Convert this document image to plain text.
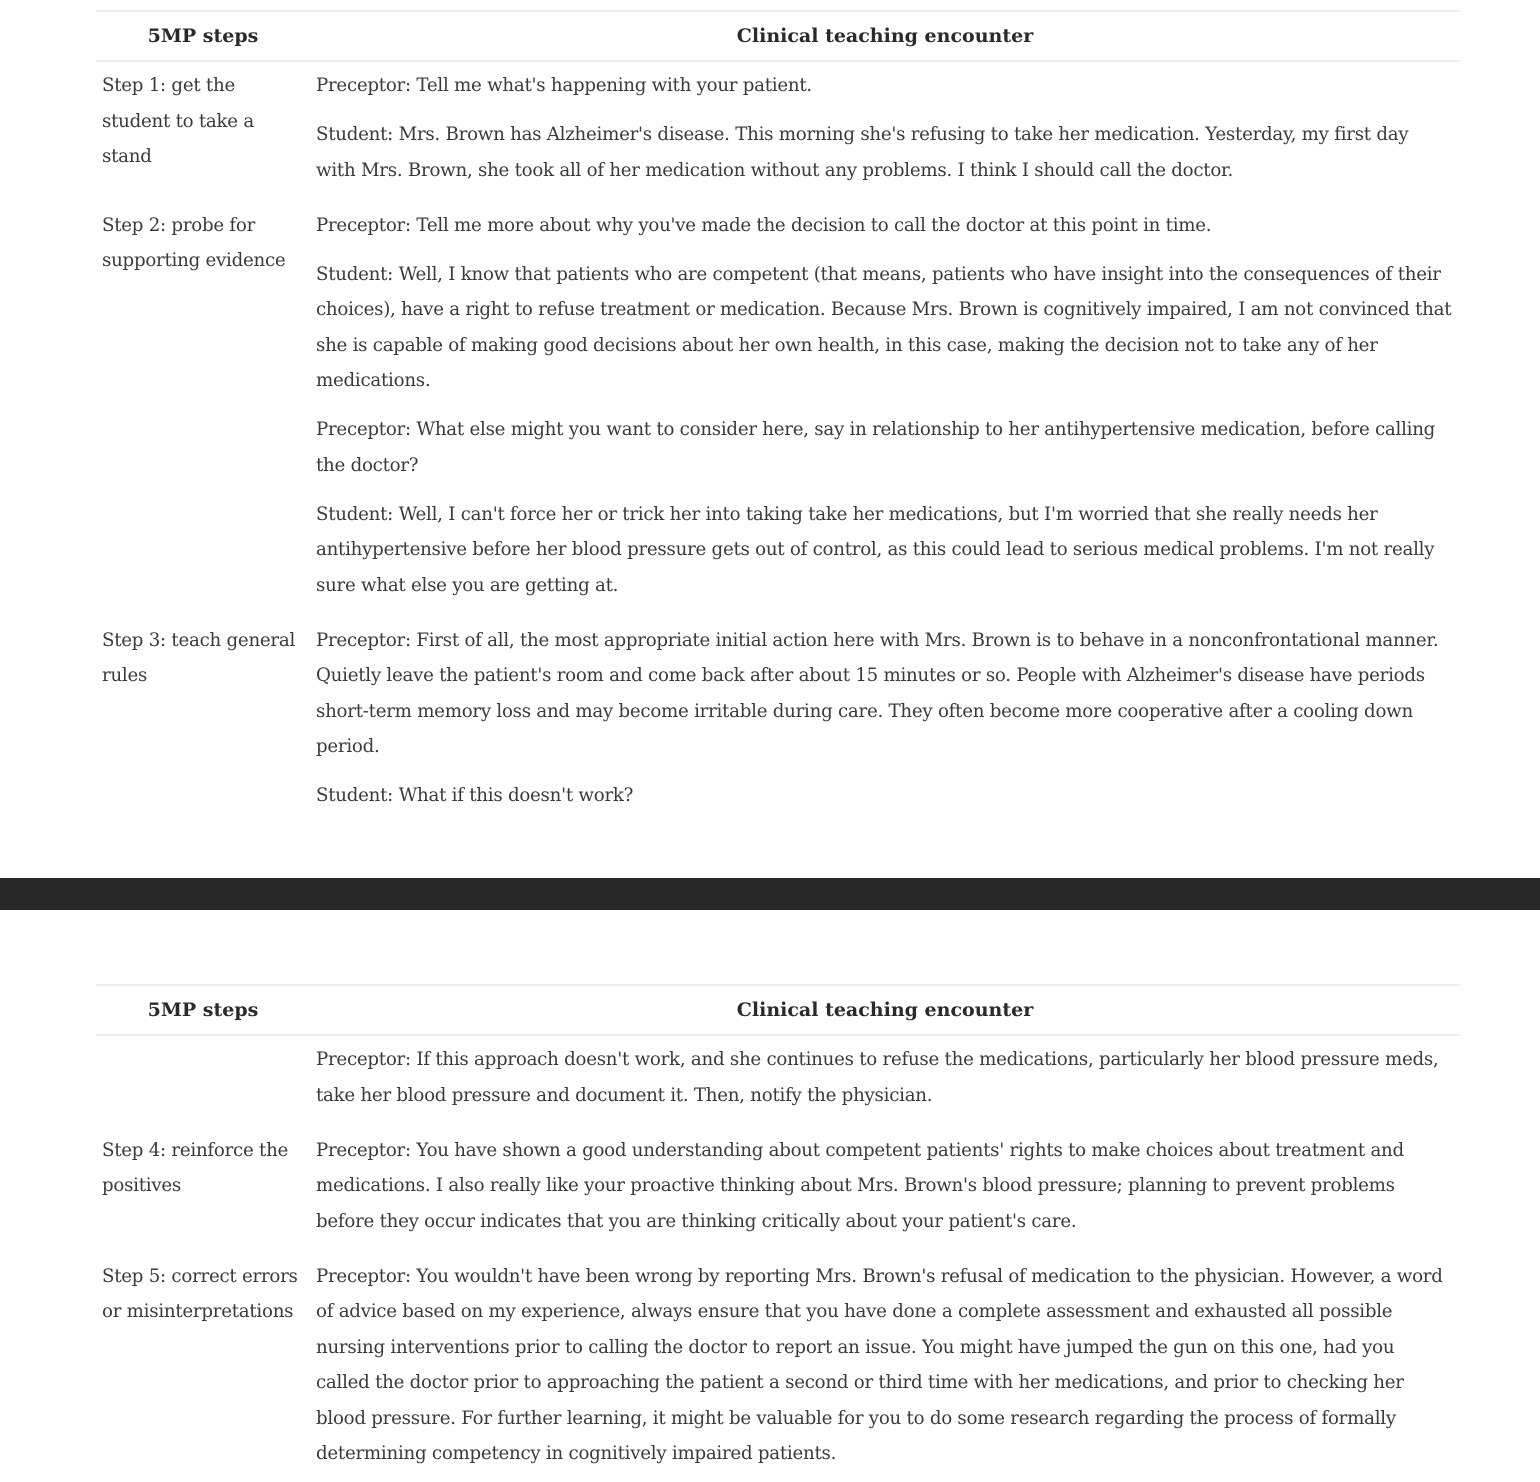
5MP steps	Clinical teaching encounter
Step 1: get the student to take a stand	Preceptor: Tell me what's happening with your patient.

Student: Mrs. Brown has Alzheimer's disease. This morning she's refusing to take her medication. Yesterday, my first day with Mrs. Brown, she took all of her medication without any problems. I think I should call the doctor.

Step 2: probe for supporting evidence	Preceptor: Tell me more about why you've made the decision to call the doctor at this point in time.

Student: Well, I know that patients who are competent (that means, patients who have insight into the consequences of their choices), have a right to refuse treatment or medication. Because Mrs. Brown is cognitively impaired, I am not convinced that she is capable of making good decisions about her own health, in this case, making the decision not to take any of her medications.

Preceptor: What else might you want to consider here, say in relationship to her antihypertensive medication, before calling the doctor?

Student: Well, I can't force her or trick her into taking take her medications, but I'm worried that she really needs her antihypertensive before her blood pressure gets out of control, as this could lead to serious medical problems. I'm not really sure what else you are getting at.

Step 3: teach general rules	Preceptor: First of all, the most appropriate initial action here with Mrs. Brown is to behave in a nonconfrontational manner. Quietly leave the patient's room and come back after about 15 minutes or so. People with Alzheimer's disease have periods short-term memory loss and may become irritable during care. They often become more cooperative after a cooling down period.

Student: What if this doesn't work?

5MP steps	Clinical teaching encounter

	Preceptor: If this approach doesn't work, and she continues to refuse the medications, particularly her blood pressure meds, take her blood pressure and document it. Then, notify the physician.

Step 4: reinforce the positives	Preceptor: You have shown a good understanding about competent patients' rights to make choices about treatment and medications. I also really like your proactive thinking about Mrs. Brown's blood pressure; planning to prevent problems before they occur indicates that you are thinking critically about your patient's care.

Step 5: correct errors or misinterpretations	Preceptor: You wouldn't have been wrong by reporting Mrs. Brown's refusal of medication to the physician. However, a word of advice based on my experience, always ensure that you have done a complete assessment and exhausted all possible nursing interventions prior to calling the doctor to report an issue. You might have jumped the gun on this one, had you called the doctor prior to approaching the patient a second or third time with her medications, and prior to checking her blood pressure. For further learning, it might be valuable for you to do some research regarding the process of formally determining competency in cognitively impaired patients.
